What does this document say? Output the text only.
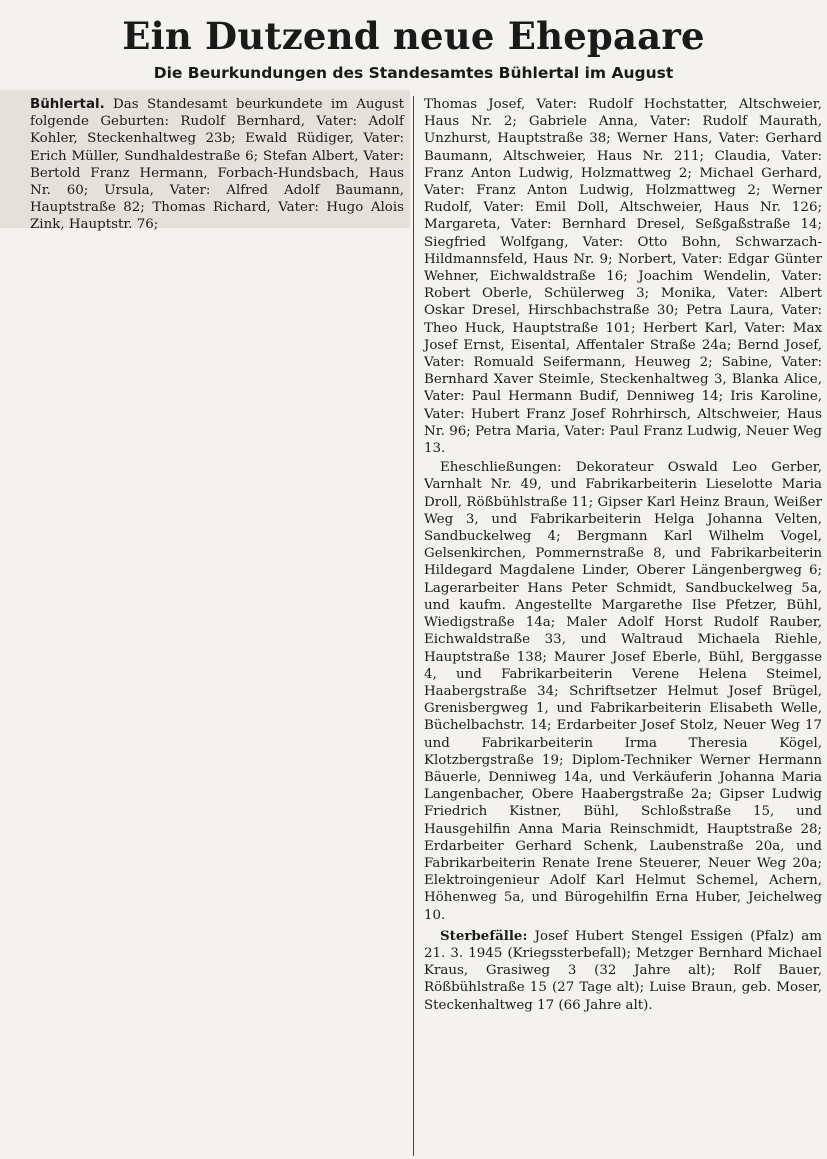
Ein Dutzend neue Ehepaare
Die Beurkundungen des Standesamtes Bühlertal im August

Bühlertal. Das Standesamt beurkundete im August folgende Geburten: Rudolf Bernhard, Vater: Adolf Kohler, Steckenhaltweg 23b; Ewald Rüdiger, Vater: Erich Müller, Sundhaldestraße 6; Stefan Albert, Vater: Bertold Franz Hermann, Forbach-Hundsbach, Haus Nr. 60; Ursula, Vater: Alfred Adolf Baumann, Hauptstraße 82; Thomas Richard, Vater: Hugo Alois Zink, Hauptstr. 76;

Thomas Josef, Vater: Rudolf Hochstatter, Altschweier, Haus Nr. 2; Gabriele Anna, Vater: Rudolf Maurath, Unzhurst, Hauptstraße 38; Werner Hans, Vater: Gerhard Baumann, Altschweier, Haus Nr. 211; Claudia, Vater: Franz Anton Ludwig, Holzmattweg 2; Michael Gerhard, Vater: Franz Anton Ludwig, Holzmattweg 2; Werner Rudolf, Vater: Emil Doll, Altschweier, Haus Nr. 126; Margareta, Vater: Bernhard Dresel, Seßgaßstraße 14; Siegfried Wolfgang, Vater: Otto Bohn, Schwarzach-Hildmannsfeld, Haus Nr. 9; Norbert, Vater: Edgar Günter Wehner, Eichwaldstraße 16; Joachim Wendelin, Vater: Robert Oberle, Schülerweg 3; Monika, Vater: Albert Oskar Dresel, Hirschbachstraße 30; Petra Laura, Vater: Theo Huck, Hauptstraße 101; Herbert Karl, Vater: Max Josef Ernst, Eisental, Affentaler Straße 24a; Bernd Josef, Vater: Romuald Seifermann, Heuweg 2; Sabine, Vater: Bernhard Xaver Steimle, Steckenhaltweg 3, Blanka Alice, Vater: Paul Hermann Budif, Denniweg 14; Iris Karoline, Vater: Hubert Franz Josef Rohrhirsch, Altschweier, Haus Nr. 96; Petra Maria, Vater: Paul Franz Ludwig, Neuer Weg 13.

Eheschließungen: Dekorateur Oswald Leo Gerber, Varnhalt Nr. 49, und Fabrikarbeiterin Lieselotte Maria Droll, Rößbühlstraße 11; Gipser Karl Heinz Braun, Weißer Weg 3, und Fabrikarbeiterin Helga Johanna Velten, Sandbuckelweg 4; Bergmann Karl Wilhelm Vogel, Gelsenkirchen, Pommernstraße 8, und Fabrikarbeiterin Hildegard Magdalene Linder, Oberer Längenbergweg 6; Lagerarbeiter Hans Peter Schmidt, Sandbuckelweg 5a, und kaufm. Angestellte Margarethe Ilse Pfetzer, Bühl, Wiedigstraße 14a; Maler Adolf Horst Rudolf Rauber, Eichwaldstraße 33, und Waltraud Michaela Riehle, Hauptstraße 138; Maurer Josef Eberle, Bühl, Berggasse 4, und Fabrikarbeiterin Verene Helena Steimel, Haabergstraße 34; Schriftsetzer Helmut Josef Brügel, Grenisbergweg 1, und Fabrikarbeiterin Elisabeth Welle, Büchelbachstr. 14; Erdarbeiter Josef Stolz, Neuer Weg 17 und Fabrikarbeiterin Irma Theresia Kögel, Klotzbergstraße 19; Diplom-Techniker Werner Hermann Bäuerle, Denniweg 14a, und Verkäuferin Johanna Maria Langenbacher, Obere Haabergstraße 2a; Gipser Ludwig Friedrich Kistner, Bühl, Schloßstraße 15, und Hausgehilfin Anna Maria Reinschmidt, Hauptstraße 28; Erdarbeiter Gerhard Schenk, Laubenstraße 20a, und Fabrikarbeiterin Renate Irene Steuerer, Neuer Weg 20a; Elektroingenieur Adolf Karl Helmut Schemel, Achern, Höhenweg 5a, und Bürogehilfin Erna Huber, Jeichelweg 10.

Sterbefälle: Josef Hubert Stengel Essigen (Pfalz) am 21. 3. 1945 (Kriegssterbefall); Metzger Bernhard Michael Kraus, Grasiweg 3 (32 Jahre alt); Rolf Bauer, Rößbühlstraße 15 (27 Tage alt); Luise Braun, geb. Moser, Steckenhaltweg 17 (66 Jahre alt).
